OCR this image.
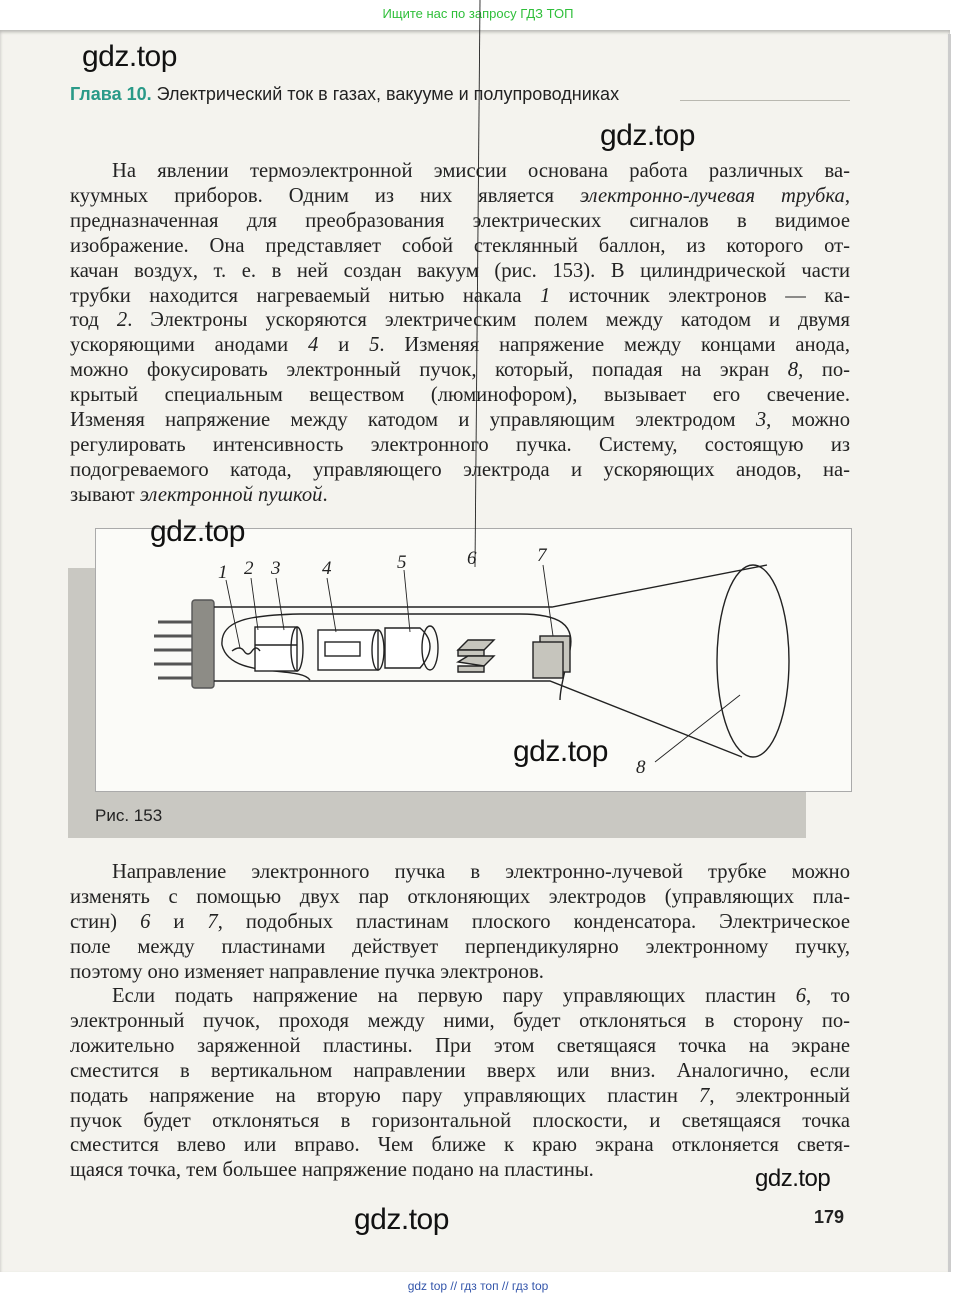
Ищите нас по запросу ГДЗ ТОП
gdz.top
Глава 10. Электрический ток в газах, вакууме и полупроводниках
gdz.top
На явлении термоэлектронной эмиссии основана работа различных ва-
куумных приборов. Одним из них является электронно-лучевая трубка,
предназначенная для преобразования электрических сигналов в видимое
изображение. Она представляет собой стеклянный баллон, из которого от-
качан воздух, т. е. в ней создан вакуум (рис. 153). В цилиндрической части
трубки находится нагреваемый нитью накала 1 источник электронов — ка-
тод 2. Электроны ускоряются электрическим полем между катодом и двумя
ускоряющими анодами 4 и 5. Изменяя напряжение между концами анода,
можно фокусировать электронный пучок, который, попадая на экран 8, по-
крытый специальным веществом (люминофором), вызывает его свечение.
Изменяя напряжение между катодом и управляющим электродом 3, можно
регулировать интенсивность электронного пучка. Систему, состоящую из
подогреваемого катода, управляющего электрода и ускоряющих анодов, на-
зывают электронной пушкой.
1 2 3 4	5	6	7
8
Рис. 153
gdz.top
gdz.top
Направление электронного пучка в электронно-лучевой трубке можно
изменять с помощью двух пар отклоняющих электродов (управляющих пла-
стин) 6 и 7, подобных пластинам плоского конденсатора. Электрическое
поле между пластинами действует перпендикулярно электронному пучку,
поэтому оно изменяет направление пучка электронов.
Если подать напряжение на первую пару управляющих пластин 6, то
электронный пучок, проходя между ними, будет отклоняться в сторону по-
ложительно заряженной пластины. При этом светящаяся точка на экране
сместится в вертикальном направлении вверх или вниз. Аналогично, если
подать напряжение на вторую пару управляющих пластин 7, электронный
пучок будет отклоняться в горизонтальной плоскости, и светящаяся точка
сместится влево или вправо. Чем ближе к краю экрана отклоняется светя-
щаяся точка, тем большее напряжение подано на пластины.	gdz.top
gdz.top	179
gdz top // гдз топ // гдз top
